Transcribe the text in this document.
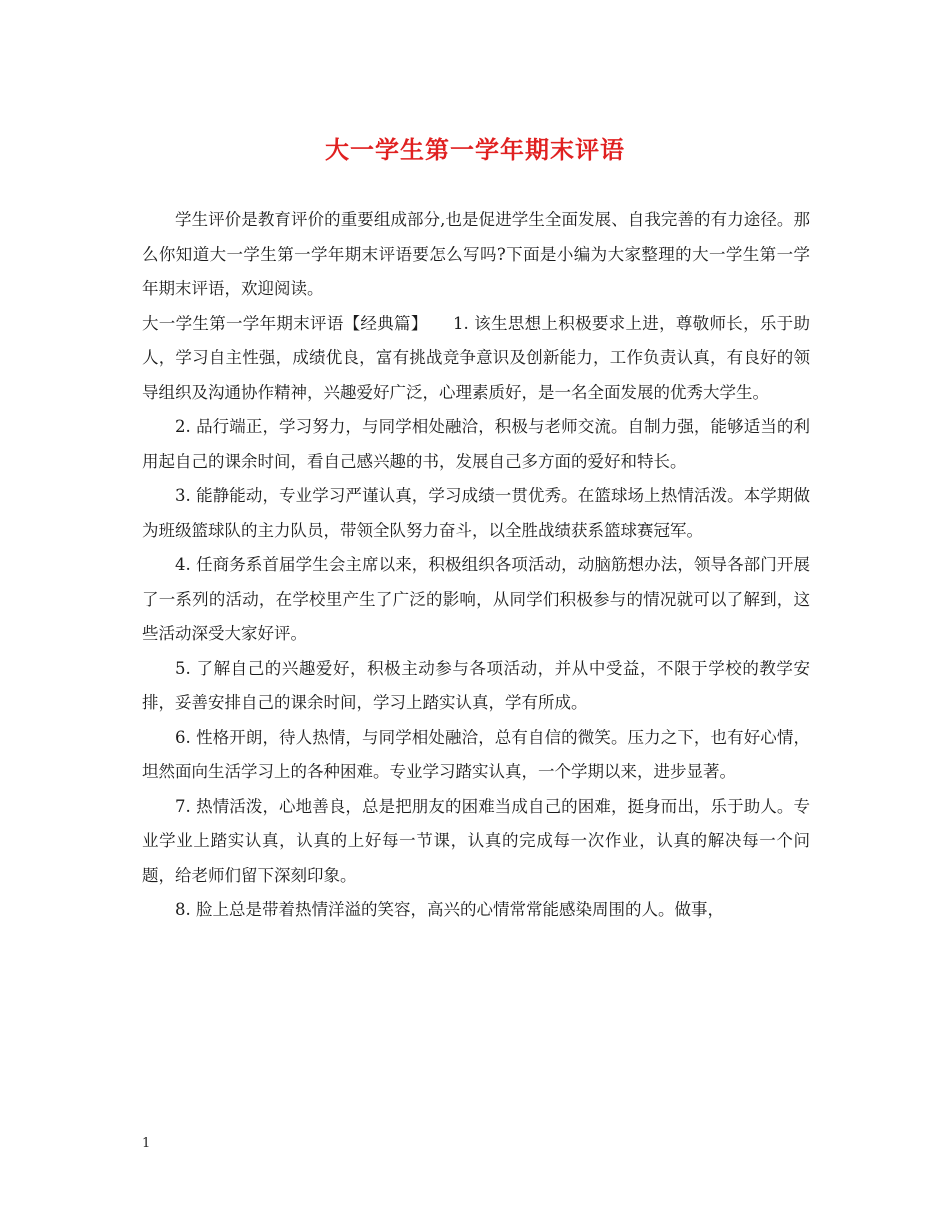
大一学生第一学年期末评语

学生评价是教育评价的重要组成部分,也是促进学生全面发展、自我完善的有力途径。那么你知道大一学生第一学年期末评语要怎么写吗?下面是小编为大家整理的大一学生第一学年期末评语，欢迎阅读。

大一学生第一学年期末评语【经典篇】　　1. 该生思想上积极要求上进，尊敬师长，乐于助人，学习自主性强，成绩优良，富有挑战竞争意识及创新能力，工作负责认真，有良好的领导组织及沟通协作精神，兴趣爱好广泛，心理素质好，是一名全面发展的优秀大学生。

2. 品行端正，学习努力，与同学相处融洽，积极与老师交流。自制力强，能够适当的利用起自己的课余时间，看自己感兴趣的书，发展自己多方面的爱好和特长。

3. 能静能动，专业学习严谨认真，学习成绩一贯优秀。在篮球场上热情活泼。本学期做为班级篮球队的主力队员，带领全队努力奋斗，以全胜战绩获系篮球赛冠军。

4. 任商务系首届学生会主席以来，积极组织各项活动，动脑筋想办法，领导各部门开展了一系列的活动，在学校里产生了广泛的影响，从同学们积极参与的情况就可以了解到，这些活动深受大家好评。

5. 了解自己的兴趣爱好，积极主动参与各项活动，并从中受益，不限于学校的教学安排，妥善安排自己的课余时间，学习上踏实认真，学有所成。

6. 性格开朗，待人热情，与同学相处融洽，总有自信的微笑。压力之下，也有好心情，坦然面向生活学习上的各种困难。专业学习踏实认真，一个学期以来，进步显著。

7. 热情活泼，心地善良，总是把朋友的困难当成自己的困难，挺身而出，乐于助人。专业学业上踏实认真，认真的上好每一节课，认真的完成每一次作业，认真的解决每一个问题，给老师们留下深刻印象。

8. 脸上总是带着热情洋溢的笑容，高兴的心情常常能感染周围的人。做事，

1
